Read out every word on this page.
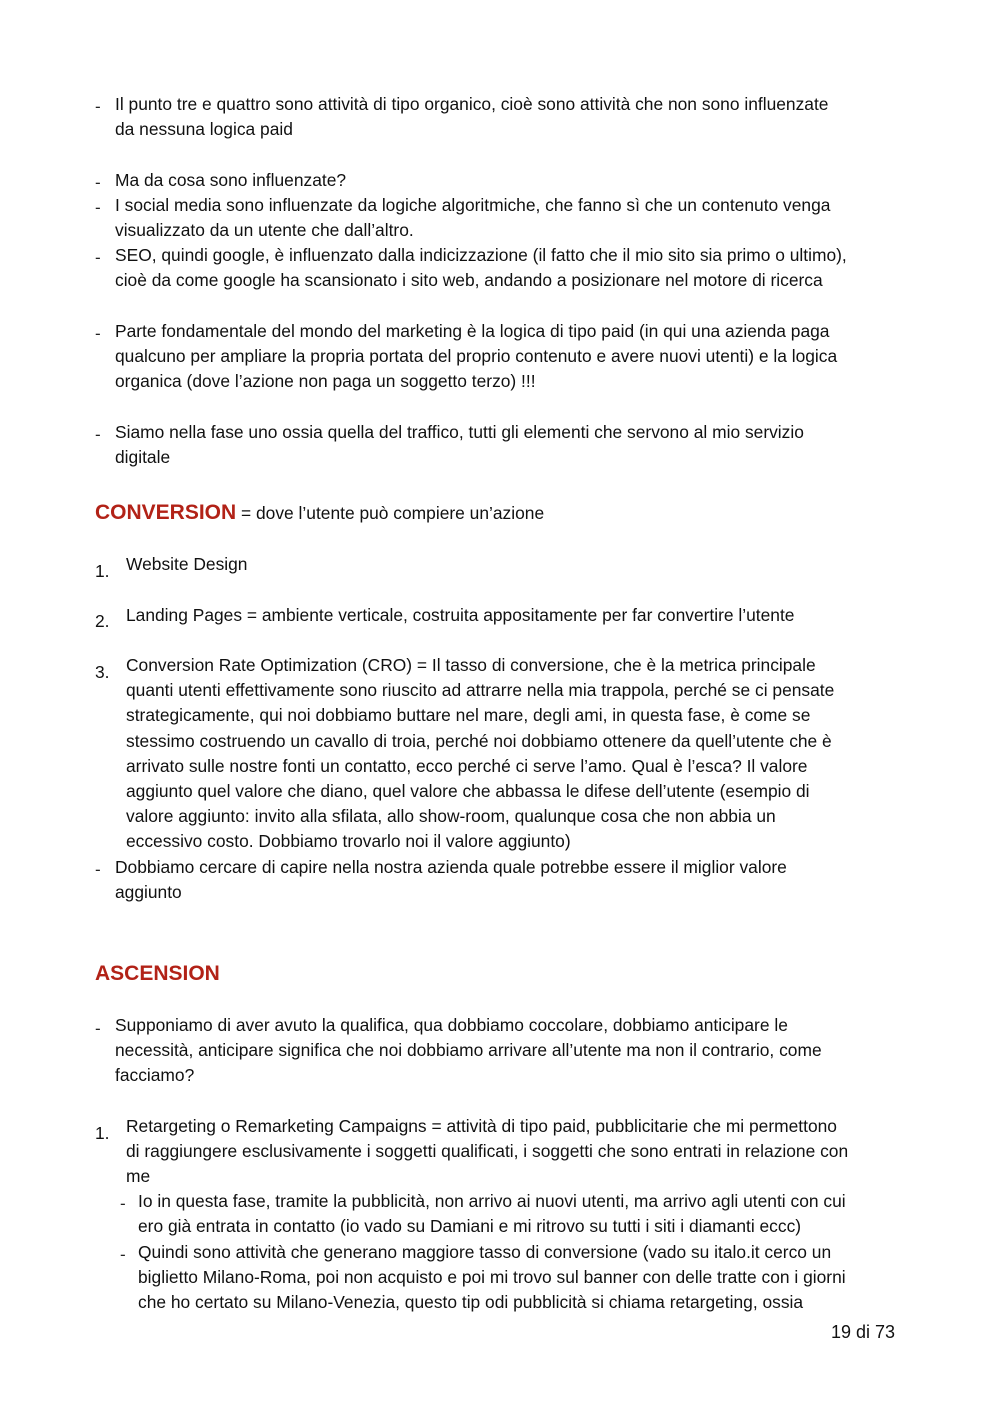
- Il punto tre e quattro sono attività di tipo organico, cioè sono attività che non sono influenzate
da nessuna logica paid
- Ma da cosa sono influenzate?
- I social media sono influenzate da logiche algoritmiche, che fanno sì che un contenuto venga
visualizzato da un utente che dall’altro.
- SEO, quindi google, è influenzato dalla indicizzazione (il fatto che il mio sito sia primo o ultimo),
cioè da come google ha scansionato i sito web, andando a posizionare nel motore di ricerca
- Parte fondamentale del mondo del marketing è la logica di tipo paid (in qui una azienda paga
qualcuno per ampliare la propria portata del proprio contenuto e avere nuovi utenti) e la logica
organica (dove l’azione non paga un soggetto terzo) !!!
- Siamo nella fase uno ossia quella del traffico, tutti gli elementi che servono al mio servizio
digitale
CONVERSION = dove l’utente può compiere un’azione
1. Website Design
2. Landing Pages = ambiente verticale, costruita appositamente per far convertire l’utente
3. Conversion Rate Optimization (CRO) = Il tasso di conversione, che è la metrica principale
quanti utenti effettivamente sono riuscito ad attrarre nella mia trappola, perché se ci pensate
strategicamente, qui noi dobbiamo buttare nel mare, degli ami, in questa fase, è come se
stessimo costruendo un cavallo di troia, perché noi dobbiamo ottenere da quell’utente che è
arrivato sulle nostre fonti un contatto, ecco perché ci serve l’amo. Qual è l’esca? Il valore
aggiunto quel valore che diano, quel valore che abbassa le difese dell’utente (esempio di
valore aggiunto: invito alla sfilata, allo show-room, qualunque cosa che non abbia un
eccessivo costo. Dobbiamo trovarlo noi il valore aggiunto)
- Dobbiamo cercare di capire nella nostra azienda quale potrebbe essere il miglior valore
aggiunto
ASCENSION
- Supponiamo di aver avuto la qualifica, qua dobbiamo coccolare, dobbiamo anticipare le
necessità, anticipare significa che noi dobbiamo arrivare all’utente ma non il contrario, come
facciamo?
1. Retargeting o Remarketing Campaigns = attività di tipo paid, pubblicitarie che mi permettono
di raggiungere esclusivamente i soggetti qualificati, i soggetti che sono entrati in relazione con
me
- Io in questa fase, tramite la pubblicità, non arrivo ai nuovi utenti, ma arrivo agli utenti con cui
ero già entrata in contatto (io vado su Damiani e mi ritrovo su tutti i siti i diamanti eccc)
- Quindi sono attività che generano maggiore tasso di conversione (vado su italo.it cerco un
biglietto Milano-Roma, poi non acquisto e poi mi trovo sul banner con delle tratte con i giorni
che ho certato su Milano-Venezia, questo tip odi pubblicità si chiama retargeting, ossia
19 di 73
